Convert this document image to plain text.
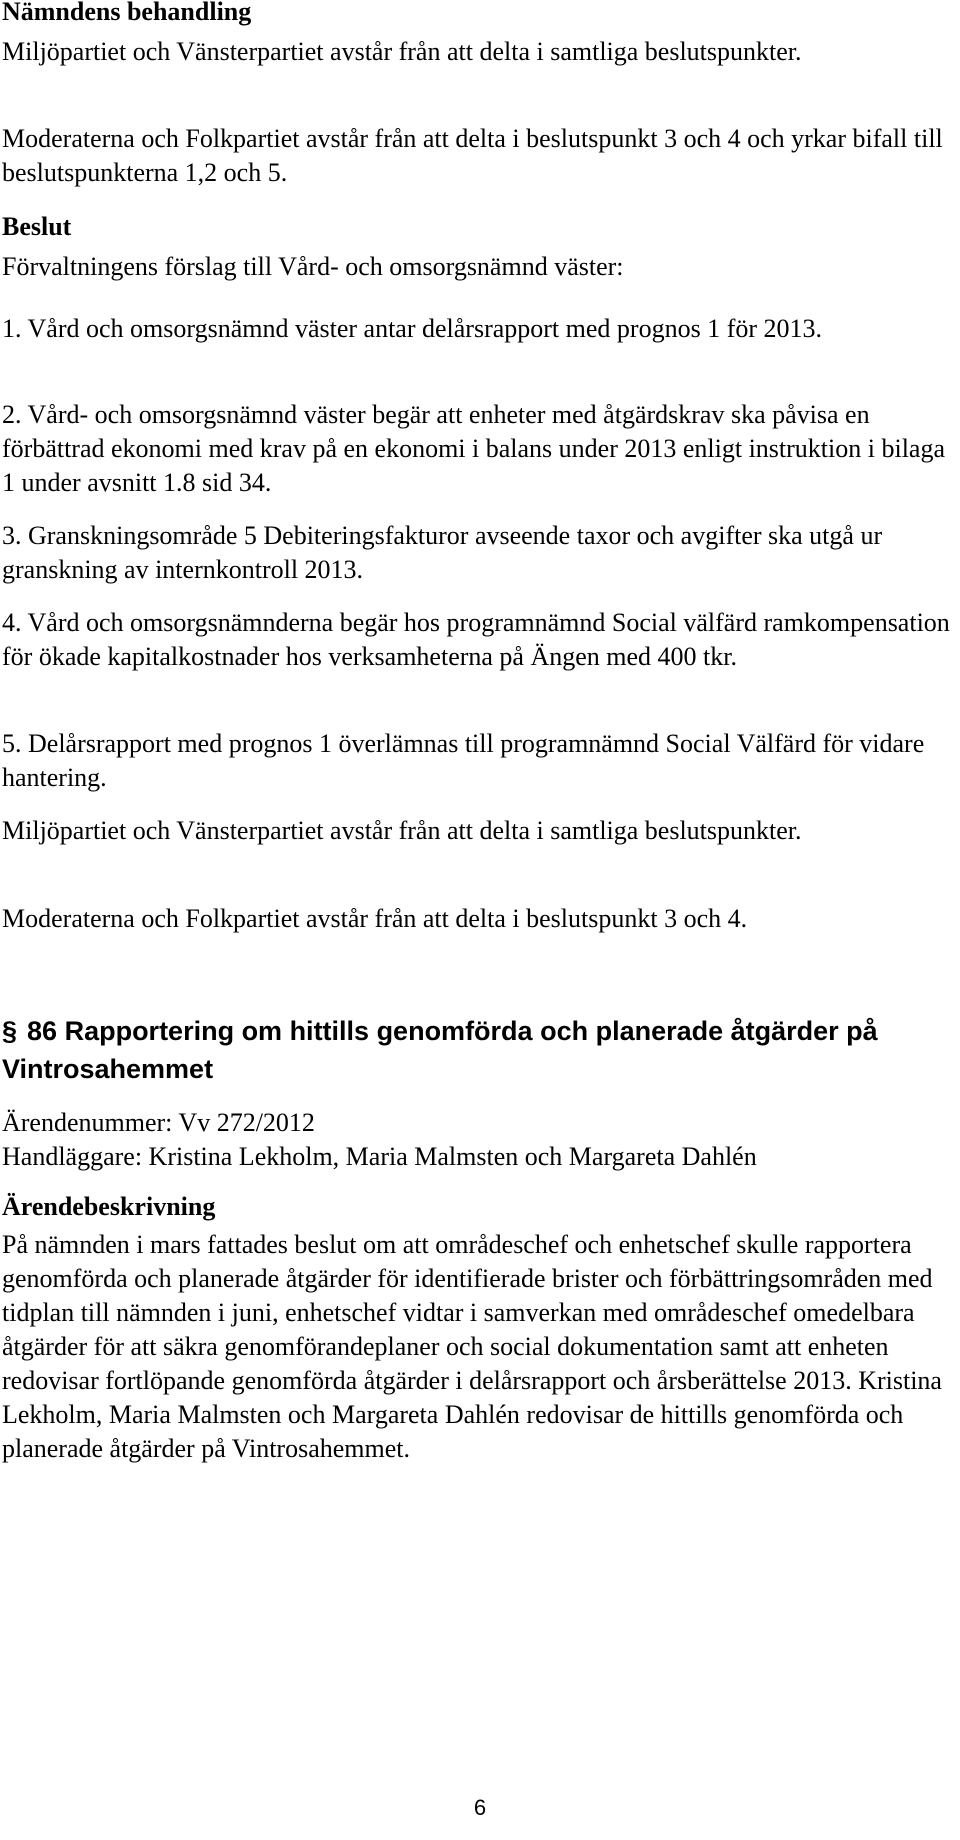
Nämndens behandling
Miljöpartiet och Vänsterpartiet avstår från att delta i samtliga beslutspunkter.
Moderaterna och Folkpartiet avstår från att delta i beslutspunkt 3 och 4 och yrkar bifall till beslutspunkterna 1,2 och 5.
Beslut
Förvaltningens förslag till Vård- och omsorgsnämnd väster:
1. Vård och omsorgsnämnd väster antar delårsrapport med prognos 1 för 2013.
2. Vård- och omsorgsnämnd väster begär att enheter med åtgärdskrav ska påvisa en förbättrad ekonomi med krav på en ekonomi i balans under 2013 enligt instruktion i bilaga 1 under avsnitt 1.8 sid 34.
3. Granskningsområde 5 Debiteringsfakturor avseende taxor och avgifter ska utgå ur granskning av internkontroll 2013.
4. Vård och omsorgsnämnderna begär hos programnämnd Social välfärd ramkompensation för ökade kapitalkostnader hos verksamheterna på Ängen med 400 tkr.
5. Delårsrapport med prognos 1 överlämnas till programnämnd Social Välfärd för vidare hantering.
Miljöpartiet och Vänsterpartiet avstår från att delta i samtliga beslutspunkter.
Moderaterna och Folkpartiet avstår från att delta i beslutspunkt 3 och 4.
§ 86 Rapportering om hittills genomförda och planerade åtgärder på Vintrosahemmet
Ärendenummer: Vv 272/2012
Handläggare: Kristina Lekholm, Maria Malmsten och Margareta Dahlén
Ärendebeskrivning
På nämnden i mars fattades beslut om att områdeschef och enhetschef skulle rapportera genomförda och planerade åtgärder för identifierade brister och förbättringsområden med tidplan till nämnden i juni, enhetschef vidtar i samverkan med områdeschef omedelbara åtgärder för att säkra genomförandeplaner och social dokumentation samt att enheten redovisar fortlöpande genomförda åtgärder i delårsrapport och årsberättelse 2013. Kristina Lekholm, Maria Malmsten och Margareta Dahlén redovisar de hittills genomförda och planerade åtgärder på Vintrosahemmet.
6
